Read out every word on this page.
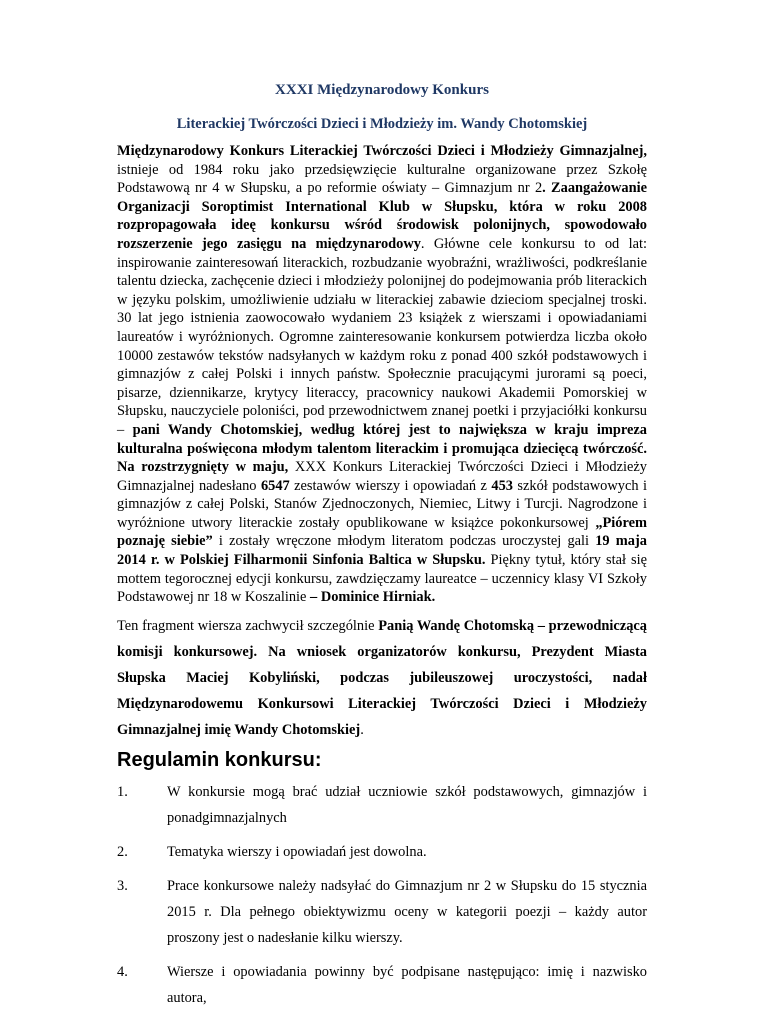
XXXI Międzynarodowy Konkurs

Literackiej Twórczości Dzieci i Młodzieży im. Wandy Chotomskiej

Międzynarodowy Konkurs Literackiej Twórczości Dzieci i Młodzieży Gimnazjalnej, istnieje od 1984 roku jako przedsięwzięcie kulturalne organizowane przez Szkołę Podstawową nr 4 w Słupsku, a po reformie oświaty – Gimnazjum nr 2. Zaangażowanie Organizacji Soroptimist International Klub w Słupsku, która w roku 2008 rozpropagowała ideę konkursu wśród środowisk polonijnych, spowodowało rozszerzenie jego zasięgu na międzynarodowy. Główne cele konkursu to od lat: inspirowanie zainteresowań literackich, rozbudzanie wyobraźni, wrażliwości, podkreślanie talentu dziecka, zachęcenie dzieci i młodzieży polonijnej do podejmowania prób literackich w języku polskim, umożliwienie udziału w literackiej zabawie dzieciom specjalnej troski. 30 lat jego istnienia zaowocowało wydaniem 23 książek z wierszami i opowiadaniami laureatów i wyróżnionych. Ogromne zainteresowanie konkursem potwierdza liczba około 10000 zestawów tekstów nadsyłanych w każdym roku z ponad 400 szkół podstawowych i gimnazjów z całej Polski i innych państw. Społecznie pracującymi jurorami są poeci, pisarze, dziennikarze, krytycy literaccy, pracownicy naukowi Akademii Pomorskiej w Słupsku, nauczyciele poloniści, pod przewodnictwem znanej poetki i przyjaciółki konkursu – pani Wandy Chotomskiej, według której jest to największa w kraju impreza kulturalna poświęcona młodym talentom literackim i promująca dziecięcą twórczość. Na rozstrzygnięty w maju, XXX Konkurs Literackiej Twórczości Dzieci i Młodzieży Gimnazjalnej nadesłano 6547 zestawów wierszy i opowiadań z 453 szkół podstawowych i gimnazjów z całej Polski, Stanów Zjednoczonych, Niemiec, Litwy i Turcji. Nagrodzone i wyróżnione utwory literackie zostały opublikowane w książce pokonkursowej „Piórem poznaję siebie” i zostały wręczone młodym literatom podczas uroczystej gali 19 maja 2014 r. w Polskiej Filharmonii Sinfonia Baltica w Słupsku. Piękny tytuł, który stał się mottem tegorocznej edycji konkursu, zawdzięczamy laureatce – uczennicy klasy VI Szkoły Podstawowej nr 18 w Koszalinie – Dominice Hirniak.

Ten fragment wiersza zachwycił szczególnie Panią Wandę Chotomską – przewodniczącą komisji konkursowej. Na wniosek organizatorów konkursu, Prezydent Miasta Słupska Maciej Kobyliński, podczas jubileuszowej uroczystości, nadał Międzynarodowemu Konkursowi Literackiej Twórczości Dzieci i Młodzieży Gimnazjalnej imię Wandy Chotomskiej.

Regulamin konkursu:
1.	W konkursie mogą brać udział uczniowie szkół podstawowych, gimnazjów i ponadgimnazjalnych
2.	Tematyka wierszy i opowiadań jest dowolna.
3.	Prace konkursowe należy nadsyłać do Gimnazjum nr 2 w Słupsku do 15 stycznia 2015 r. Dla pełnego obiektywizmu oceny w kategorii poezji – każdy autor proszony jest o nadesłanie kilku wierszy.
4.	Wiersze i opowiadania powinny być podpisane następująco: imię i nazwisko autora,
